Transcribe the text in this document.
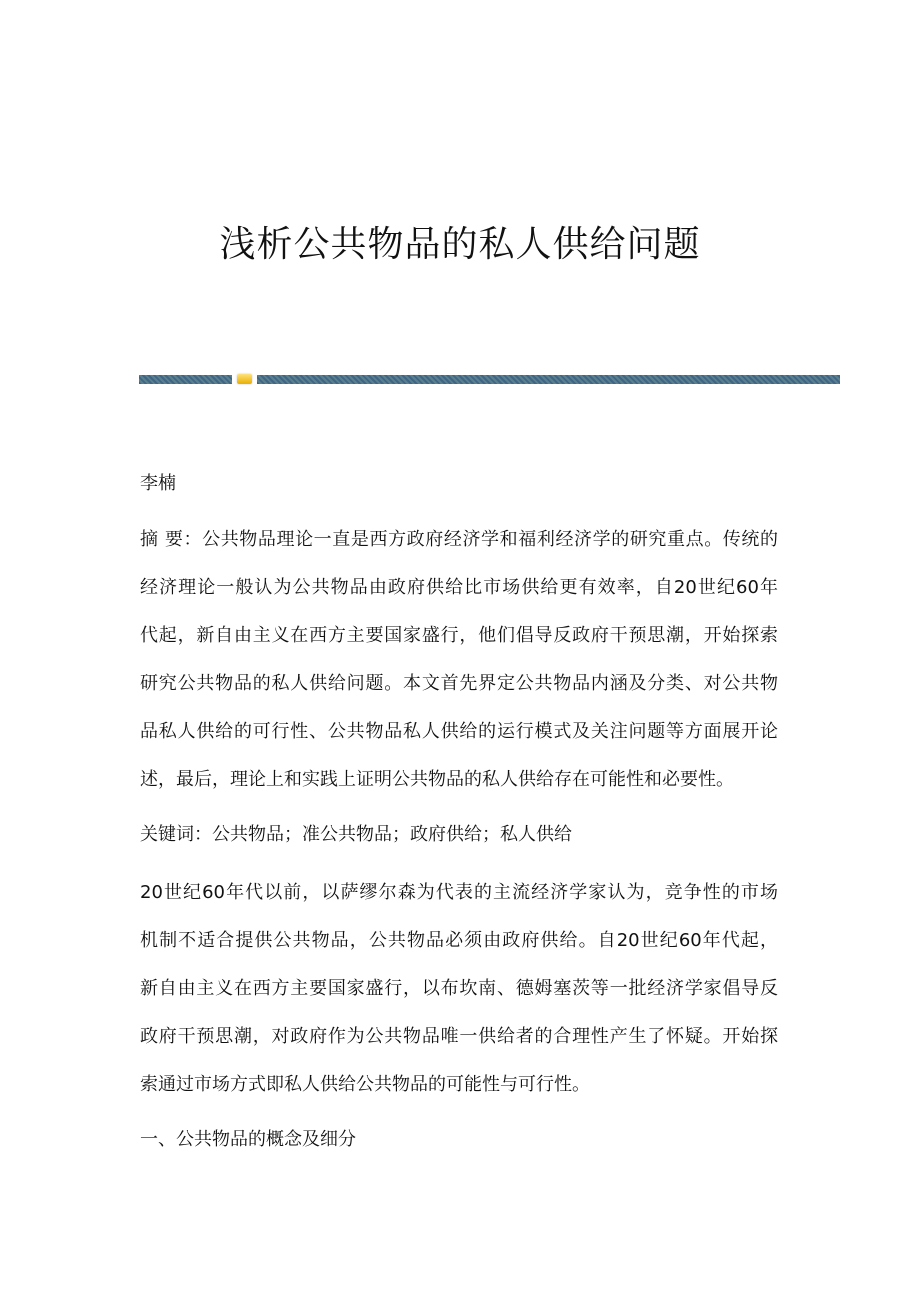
浅析公共物品的私人供给问题
李楠
摘 要：公共物品理论一直是西方政府经济学和福利经济学的研究重点。传统的
经济理论一般认为公共物品由政府供给比市场供给更有效率，自20世纪60年
代起，新自由主义在西方主要国家盛行，他们倡导反政府干预思潮，开始探索
研究公共物品的私人供给问题。本文首先界定公共物品内涵及分类、对公共物
品私人供给的可行性、公共物品私人供给的运行模式及关注问题等方面展开论
述，最后，理论上和实践上证明公共物品的私人供给存在可能性和必要性。
关键词：公共物品；准公共物品；政府供给；私人供给
20世纪60年代以前，以萨缪尔森为代表的主流经济学家认为，竞争性的市场
机制不适合提供公共物品，公共物品必须由政府供给。自20世纪60年代起，
新自由主义在西方主要国家盛行，以布坎南、德姆塞茨等一批经济学家倡导反
政府干预思潮，对政府作为公共物品唯一供给者的合理性产生了怀疑。开始探
索通过市场方式即私人供给公共物品的可能性与可行性。
一、公共物品的概念及细分
